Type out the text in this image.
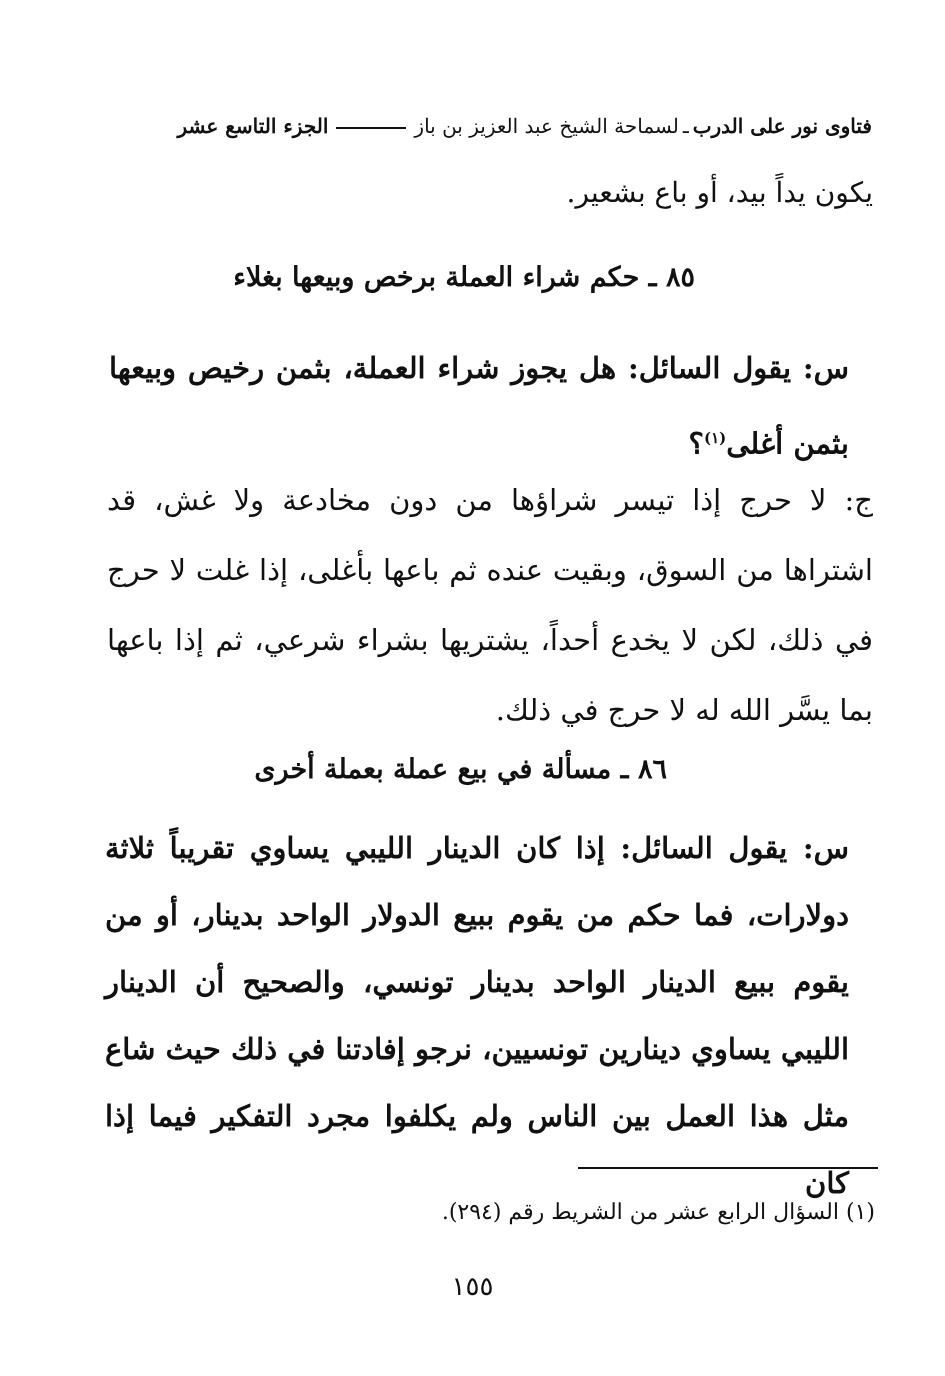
فتاوى نور على الدرب
ـ
لسماحة الشيخ عبد العزيز بن باز
الجزء التاسع عشر
يكون يداً بيد، أو باع بشعير.
٨٥ ـ حكم شراء العملة برخص وبيعها بغلاء
س: يقول السائل: هل يجوز شراء العملة، بثمن رخيص وبيعها بثمن أغلى$^{(١)}$؟
ج: لا حرج إذا تيسر شراؤها من دون مخادعة ولا غش، قد اشتراها من السوق، وبقيت عنده ثم باعها بأغلى، إذا غلت لا حرج في ذلك، لكن لا يخدع أحداً، يشتريها بشراء شرعي، ثم إذا باعها بما يسَّر الله له لا حرج في ذلك.
٨٦ ـ مسألة في بيع عملة بعملة أخرى
س: يقول السائل: إذا كان الدينار الليبي يساوي تقريباً ثلاثة دولارات، فما حكم من يقوم ببيع الدولار الواحد بدينار، أو من يقوم ببيع الدينار الواحد بدينار تونسي، والصحيح أن الدينار الليبي يساوي دينارين تونسيين، نرجو إفادتنا في ذلك حيث شاع مثل هذا العمل بين الناس ولم يكلفوا مجرد التفكير فيما إذا كان
(١) السؤال الرابع عشر من الشريط رقم (٢٩٤).
١٥٥
